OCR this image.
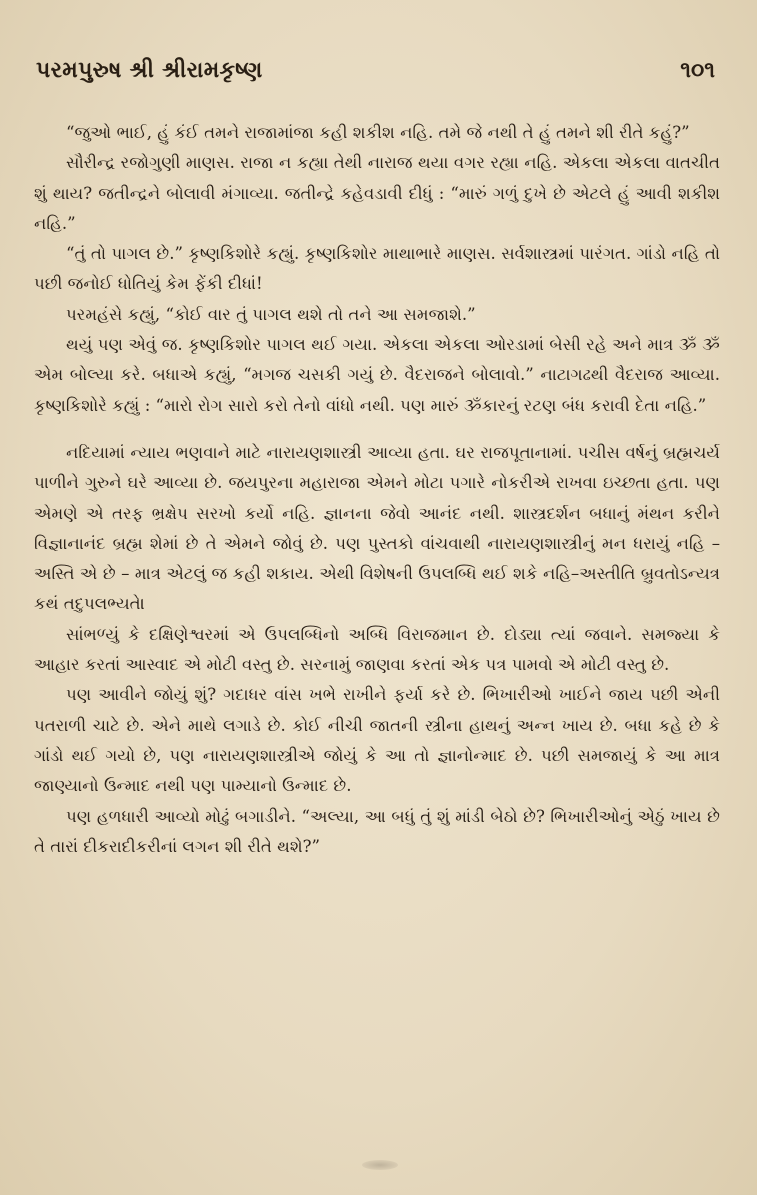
પરમપુરુષ શ્રી શ્રીરામકૃષ્ણ	૧૦૧

“જુઓ ભાઈ, હું કંઈ તમને રાજામાંજા કહી શકીશ નહિ. તમે જે નથી તે હું તમને શી રીતે કહું?”

સૌરીન્દ્ર રજોગુણી માણસ. રાજા ન કહ્યા તેથી નારાજ થયા વગર રહ્યા નહિ. એકલા એકલા વાતચીત શું થાય? જતીન્દ્રને બોલાવી મંગાવ્યા. જતીન્દ્રે કહેવડાવી દીધું : “મારું ગળું દુખે છે એટલે હું આવી શકીશ નહિ.”

“તું તો પાગલ છે.” કૃષ્ણકિશોરે કહ્યું. કૃષ્ણકિશોર માથાભારે માણસ. સર્વશાસ્ત્રમાં પારંગત. ગાંડો નહિ તો પછી જનોઈ ધોતિયું કેમ ફેંકી દીધાં!

પરમહંસે કહ્યું, “કોઈ વાર તું પાગલ થશે તો તને આ સમજાશે.”

થયું પણ એવું જ. કૃષ્ણકિશોર પાગલ થઈ ગયા. એકલા એકલા ઓરડામાં બેસી રહે અને માત્ર ૐ ૐ એમ બોલ્યા કરે. બધાએ કહ્યું, “મગજ ચસકી ગયું છે. વૈદરાજને બોલાવો.” નાટાગઢથી વૈદરાજ આવ્યા. કૃષ્ણકિશોરે કહ્યું : “મારો રોગ સારો કરો તેનો વાંધો નથી. પણ મારું ૐકારનું રટણ બંધ કરાવી દેતા નહિ.”

નદિયામાં ન્યાય ભણવાને માટે નારાયણશાસ્ત્રી આવ્યા હતા. ઘર રાજપૂતાનામાં. પચીસ વર્ષનું બ્રહ્મચર્ય પાળીને ગુરુને ઘરે આવ્યા છે. જયપુરના મહારાજા એમને મોટા પગારે નોકરીએ રાખવા ઇચ્છતા હતા. પણ એમણે એ તરફ ભ્રક્ષેપ સરખો કર્યો નહિ. જ્ઞાનના જેવો આનંદ નથી. શાસ્ત્રદર્શન બધાનું મંથન કરીને વિજ્ઞાનાનંદ બ્રહ્મ શેમાં છે તે એમને જોવું છે. પણ પુસ્તકો વાંચવાથી નારાયણશાસ્ત્રીનું મન ધરાયું નહિ – અસ્તિ એ છે – માત્ર એટલું જ કહી શકાય. એથી વિશેષની ઉપલબ્ધિ થઈ શકે નહિ–અસ્તીતિ બ્રુવતોઽન્યત્ર કથં તદુપલભ્યતે।

સાંભળ્યું કે દક્ષિણેશ્વરમાં એ ઉપલબ્ધિનો અબ્ધિ વિરાજમાન છે. દોડ્યા ત્યાં જવાને. સમજ્યા કે આહાર કરતાં આસ્વાદ એ મોટી વસ્તુ છે. સરનામું જાણવા કરતાં એક પત્ર પામવો એ મોટી વસ્તુ છે.

પણ આવીને જોયું શું? ગદાધર વાંસ ખભે રાખીને ફર્યા કરે છે. ભિખારીઓ ખાઈને જાય પછી એની પતરાળી ચાટે છે. એને માથે લગાડે છે. કોઈ નીચી જાતની સ્ત્રીના હાથનું અન્ન ખાય છે. બધા કહે છે કે ગાંડો થઈ ગયો છે, પણ નારાયણશાસ્ત્રીએ જોયું કે આ તો જ્ઞાનોન્માદ છે. પછી સમજાયું કે આ માત્ર જાણ્યાનો ઉન્માદ નથી પણ પામ્યાનો ઉન્માદ છે.

પણ હળધારી આવ્યો મોઢું બગાડીને. “અલ્યા, આ બધું તું શું માંડી બેઠો છે? ભિખારીઓનું એઠું ખાય છે તે તારાં દીકરાદીકરીનાં લગન શી રીતે થશે?”
